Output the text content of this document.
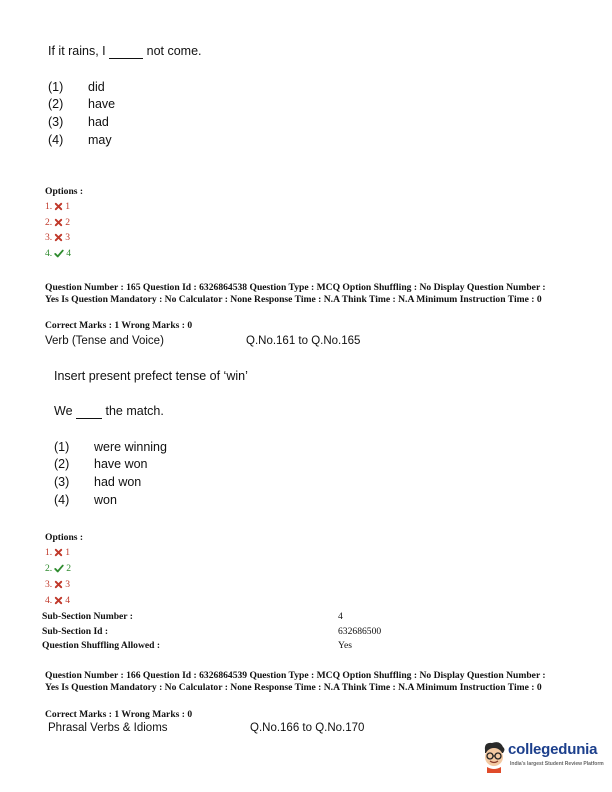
If it rains, I	not come.
(1) did
(2) have
(3) had
(4) may
Options :
1. 1
2. 2
3. 3
4. 4
Question Number : 165 Question Id : 6326864538 Question Type : MCQ Option Shuffling : No Display Question Number : Yes Is Question Mandatory : No Calculator : None Response Time : N.A Think Time : N.A Minimum Instruction Time : 0
Correct Marks : 1 Wrong Marks : 0
Verb (Tense and Voice)	Q.No.161 to Q.No.165
Insert present prefect tense of ‘win’
We	the match.
(1) were winning
(2) have won
(3) had won
(4) won
Options :
1. 1
2. 2
3. 3
4. 4
Sub-Section Number :	4
Sub-Section Id :	632686500
Question Shuffling Allowed :	Yes
Question Number : 166 Question Id : 6326864539 Question Type : MCQ Option Shuffling : No Display Question Number : Yes Is Question Mandatory : No Calculator : None Response Time : N.A Think Time : N.A Minimum Instruction Time : 0
Correct Marks : 1 Wrong Marks : 0
Phrasal Verbs & Idioms	Q.No.166 to Q.No.170
collegedunia
India's largest Student Review Platform
